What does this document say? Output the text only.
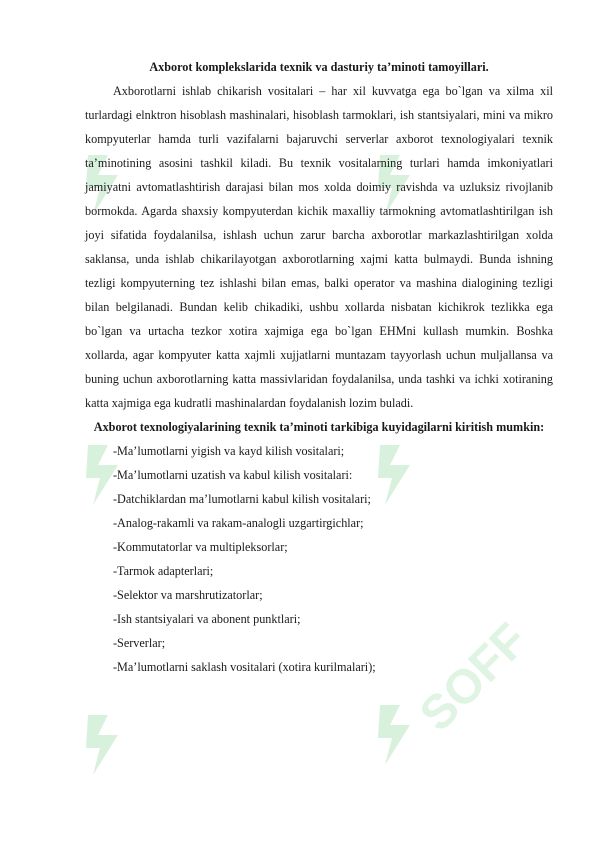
SOFF

Axborot komplekslarida texnik va dasturiy ta’minoti tamoyillari.

Axborotlarni ishlab chikarish vositalari – har xil kuvvatga ega bo`lgan va xilma xil turlardagi elnktron hisoblash mashinalari, hisoblash tarmoklari, ish stantsiyalari, mini va mikro kompyuterlar hamda turli vazifalarni bajaruvchi serverlar axborot texnologiyalari texnik ta’minotining asosini tashkil kiladi. Bu texnik vositalarning turlari hamda imkoniyatlari jamiyatni avtomatlashtirish darajasi bilan mos xolda doimiy ravishda va uzluksiz rivojlanib bormokda. Agarda shaxsiy kompyuterdan kichik maxalliy tarmokning avtomatlashtirilgan ish joyi sifatida foydalanilsa, ishlash uchun zarur barcha axborotlar markazlashtirilgan xolda saklansa, unda ishlab chikarilayotgan axborotlarning xajmi katta bulmaydi. Bunda ishning tezligi kompyuterning tez ishlashi bilan emas, balki operator va mashina dialogining tezligi bilan belgilanadi. Bundan kelib chikadiki, ushbu xollarda nisbatan kichikrok tezlikka ega bo`lgan va urtacha tezkor xotira xajmiga ega bo`lgan EHMni kullash mumkin. Boshka xollarda, agar kompyuter katta xajmli xujjatlarni muntazam tayyorlash uchun muljallansa va buning uchun axborotlarning katta massivlaridan foydalanilsa, unda tashki va ichki xotiraning katta xajmiga ega kudratli mashinalardan foydalanish lozim buladi.

Axborot texnologiyalarining texnik ta’minoti tarkibiga kuyidagilarni kiritish mumkin:

-Ma’lumotlarni yigish va kayd kilish vositalari;
-Ma’lumotlarni uzatish va kabul kilish vositalari:
-Datchiklardan ma’lumotlarni kabul kilish vositalari;
-Analog-rakamli va rakam-analogli uzgartirgichlar;
-Kommutatorlar va multipleksorlar;
-Tarmok adapterlari;
-Selektor va marshrutizatorlar;
-Ish stantsiyalari va abonent punktlari;
-Serverlar;
-Ma’lumotlarni saklash vositalari (xotira kurilmalari);
